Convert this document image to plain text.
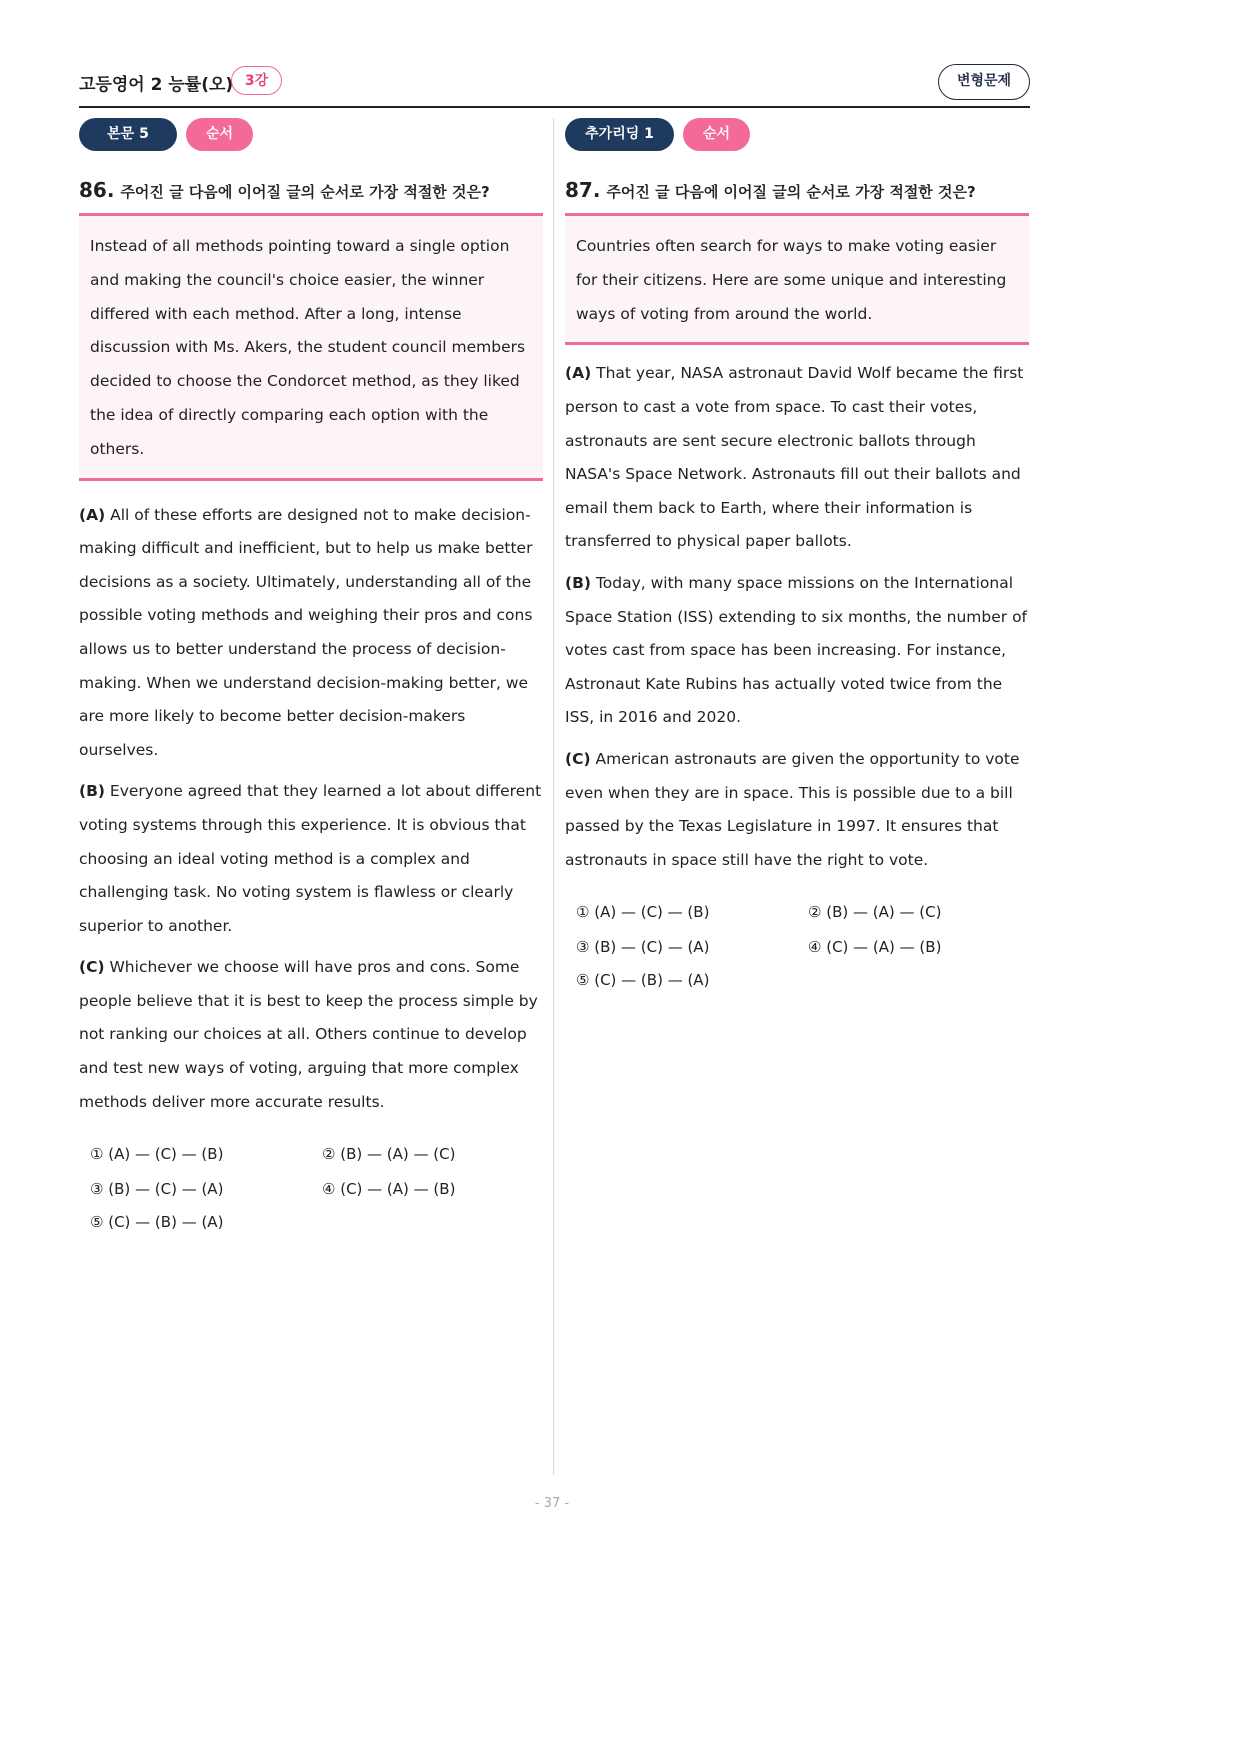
고등영어 2 능률(오) 3강	변형문제
본문 5	순서
86. 주어진 글 다음에 이어질 글의 순서로 가장 적절한 것은?

Instead of all methods pointing toward a single option and making the council's choice easier, the winner differed with each method. After a long, intense discussion with Ms. Akers, the student council members decided to choose the Condorcet method, as they liked the idea of directly comparing each option with the others.

(A) All of these efforts are designed not to make decision-making difficult and inefficient, but to help us make better decisions as a society. Ultimately, understanding all of the possible voting methods and weighing their pros and cons allows us to better understand the process of decision-making. When we understand decision-making better, we are more likely to become better decision-makers ourselves.

(B) Everyone agreed that they learned a lot about different voting systems through this experience. It is obvious that choosing an ideal voting method is a complex and challenging task. No voting system is flawless or clearly superior to another.

(C) Whichever we choose will have pros and cons. Some people believe that it is best to keep the process simple by not ranking our choices at all. Others continue to develop and test new ways of voting, arguing that more complex methods deliver more accurate results.

① (A) — (C) — (B)	② (B) — (A) — (C)
③ (B) — (C) — (A)	④ (C) — (A) — (B)
⑤ (C) — (B) — (A)
추가리딩 1	순서
87. 주어진 글 다음에 이어질 글의 순서로 가장 적절한 것은?

Countries often search for ways to make voting easier for their citizens. Here are some unique and interesting ways of voting from around the world.

(A) That year, NASA astronaut David Wolf became the first person to cast a vote from space. To cast their votes, astronauts are sent secure electronic ballots through NASA's Space Network. Astronauts fill out their ballots and email them back to Earth, where their information is transferred to physical paper ballots.

(B) Today, with many space missions on the International Space Station (ISS) extending to six months, the number of votes cast from space has been increasing. For instance, Astronaut Kate Rubins has actually voted twice from the ISS, in 2016 and 2020.

(C) American astronauts are given the opportunity to vote even when they are in space. This is possible due to a bill passed by the Texas Legislature in 1997. It ensures that astronauts in space still have the right to vote.

① (A) — (C) — (B)	② (B) — (A) — (C)
③ (B) — (C) — (A)	④ (C) — (A) — (B)
⑤ (C) — (B) — (A)
- 37 -
